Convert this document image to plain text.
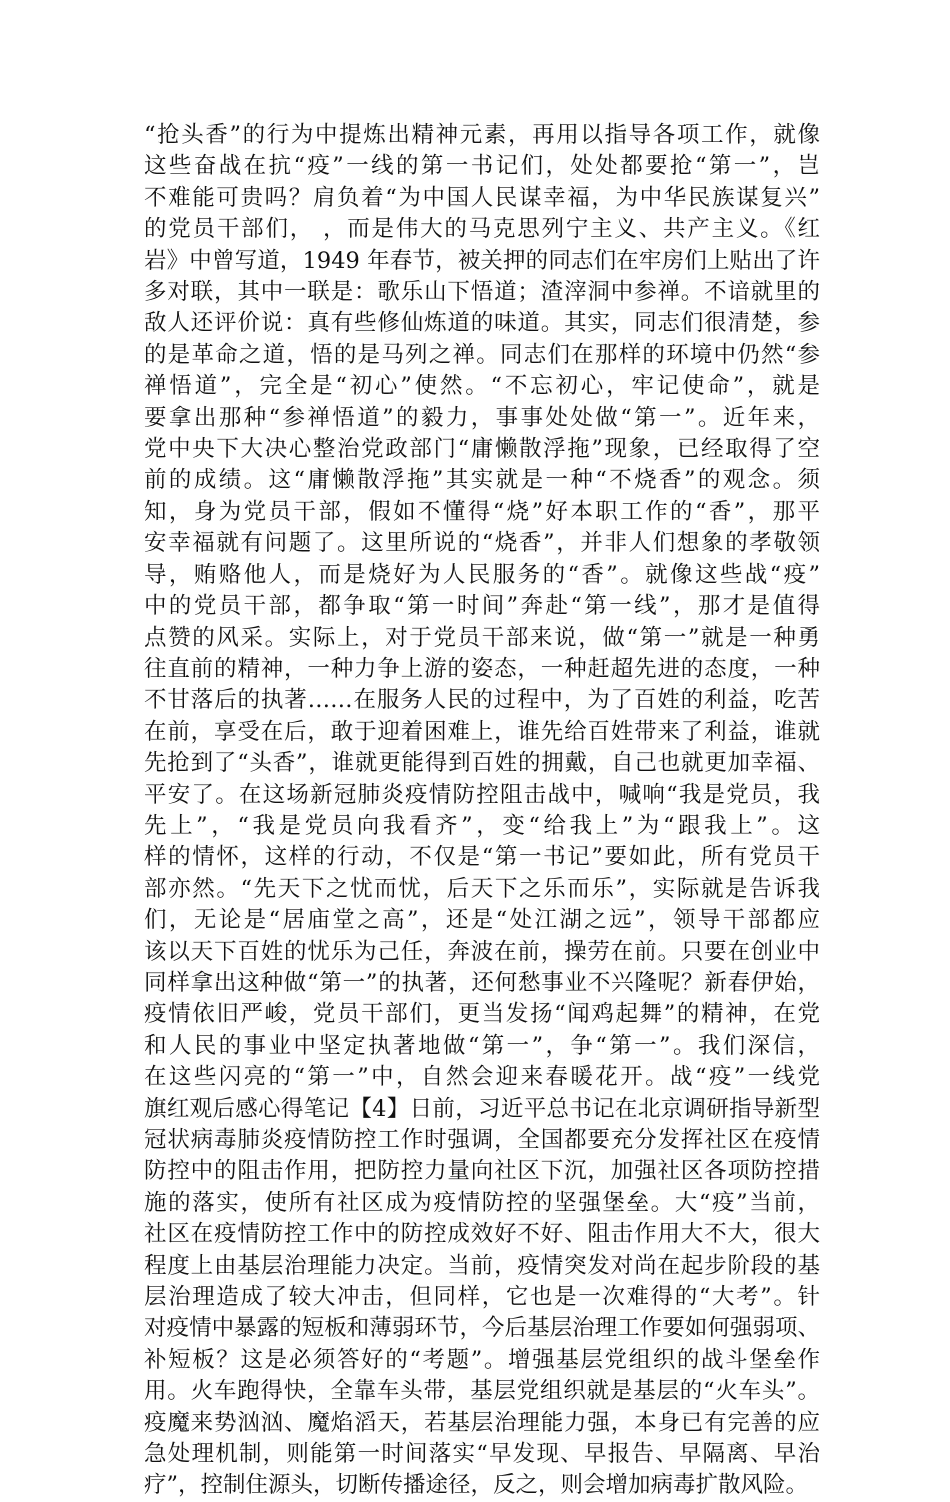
“抢头香”的行为中提炼出精神元素，再用以指导各项工作，就像
这些奋战在抗“疫”一线的第一书记们，处处都要抢“第一”，岂
不难能可贵吗？肩负着“为中国人民谋幸福，为中华民族谋复兴”
的党员干部们， ，而是伟大的马克思列宁主义、共产主义。《红
岩》中曾写道，1949 年春节，被关押的同志们在牢房们上贴出了许
多对联，其中一联是：歌乐山下悟道；渣滓洞中参禅。不谙就里的
敌人还评价说：真有些修仙炼道的味道。其实，同志们很清楚，参
的是革命之道，悟的是马列之禅。同志们在那样的环境中仍然“参
禅悟道”，完全是“初心”使然。“不忘初心，牢记使命”，就是
要拿出那种“参禅悟道”的毅力，事事处处做“第一”。近年来，
党中央下大决心整治党政部门“庸懒散浮拖”现象，已经取得了空
前的成绩。这“庸懒散浮拖”其实就是一种“不烧香”的观念。须
知，身为党员干部，假如不懂得“烧”好本职工作的“香”，那平
安幸福就有问题了。这里所说的“烧香”，并非人们想象的孝敬领
导，贿赂他人，而是烧好为人民服务的“香”。就像这些战“疫”
中的党员干部，都争取“第一时间”奔赴“第一线”，那才是值得
点赞的风采。实际上，对于党员干部来说，做“第一”就是一种勇
往直前的精神，一种力争上游的姿态，一种赶超先进的态度，一种
不甘落后的执著……在服务人民的过程中，为了百姓的利益，吃苦
在前，享受在后，敢于迎着困难上，谁先给百姓带来了利益，谁就
先抢到了“头香”，谁就更能得到百姓的拥戴，自己也就更加幸福、
平安了。在这场新冠肺炎疫情防控阻击战中，喊响“我是党员，我
先上”，“我是党员向我看齐”，变“给我上”为“跟我上”。这
样的情怀，这样的行动，不仅是“第一书记”要如此，所有党员干
部亦然。“先天下之忧而忧，后天下之乐而乐”，实际就是告诉我
们，无论是“居庙堂之高”，还是“处江湖之远”，领导干部都应
该以天下百姓的忧乐为己任，奔波在前，操劳在前。只要在创业中
同样拿出这种做“第一”的执著，还何愁事业不兴隆呢？新春伊始，
疫情依旧严峻，党员干部们，更当发扬“闻鸡起舞”的精神，在党
和人民的事业中坚定执著地做“第一”，争“第一”。我们深信，
在这些闪亮的“第一”中，自然会迎来春暖花开。战“疫”一线党
旗红观后感心得笔记【4】日前，习近平总书记在北京调研指导新型
冠状病毒肺炎疫情防控工作时强调，全国都要充分发挥社区在疫情
防控中的阻击作用，把防控力量向社区下沉，加强社区各项防控措
施的落实，使所有社区成为疫情防控的坚强堡垒。大“疫”当前，
社区在疫情防控工作中的防控成效好不好、阻击作用大不大，很大
程度上由基层治理能力决定。当前，疫情突发对尚在起步阶段的基
层治理造成了较大冲击，但同样，它也是一次难得的“大考”。针
对疫情中暴露的短板和薄弱环节，今后基层治理工作要如何强弱项、
补短板？这是必须答好的“考题”。增强基层党组织的战斗堡垒作
用。火车跑得快，全靠车头带，基层党组织就是基层的“火车头”。
疫魔来势汹汹、魔焰滔天，若基层治理能力强，本身已有完善的应
急处理机制，则能第一时间落实“早发现、早报告、早隔离、早治
疗”，控制住源头，切断传播途径，反之，则会增加病毒扩散风险。
